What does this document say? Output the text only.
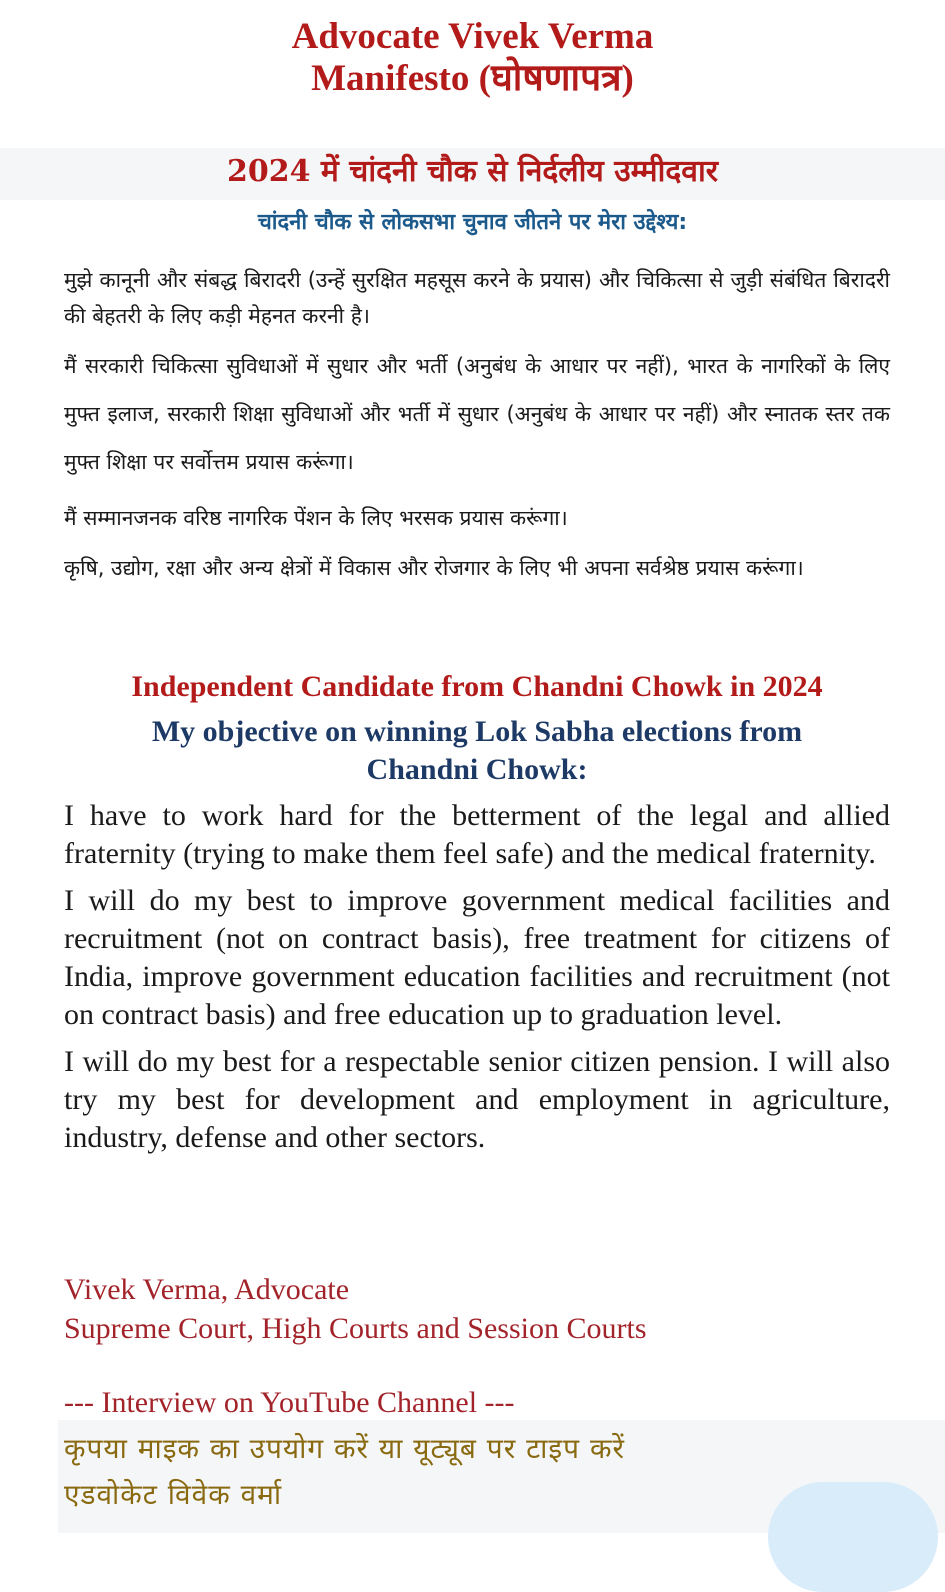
Advocate Vivek Verma
Manifesto (घोषणापत्र)
2024 में चांदनी चौक से निर्दलीय उम्मीदवार
चांदनी चौक से लोकसभा चुनाव जीतने पर मेरा उद्देश्य:

मुझे कानूनी और संबद्ध बिरादरी (उन्हें सुरक्षित महसूस करने के प्रयास) और चिकित्सा से जुड़ी संबंधित बिरादरी की बेहतरी के लिए कड़ी मेहनत करनी है।

मैं सरकारी चिकित्सा सुविधाओं में सुधार और भर्ती (अनुबंध के आधार पर नहीं), भारत के नागरिकों के लिए मुफ्त इलाज, सरकारी शिक्षा सुविधाओं और भर्ती में सुधार (अनुबंध के आधार पर नहीं) और स्नातक स्तर तक मुफ्त शिक्षा पर सर्वोत्तम प्रयास करूंगा।

मैं सम्मानजनक वरिष्ठ नागरिक पेंशन के लिए भरसक प्रयास करूंगा।

कृषि, उद्योग, रक्षा और अन्य क्षेत्रों में विकास और रोजगार के लिए भी अपना सर्वश्रेष्ठ प्रयास करूंगा।

Independent Candidate from Chandni Chowk in 2024
My objective on winning Lok Sabha elections from
Chandni Chowk:

I have to work hard for the betterment of the legal and allied fraternity (trying to make them feel safe) and the medical fraternity.

I will do my best to improve government medical facilities and recruitment (not on contract basis), free treatment for citizens of India, improve government education facilities and recruitment (not on contract basis) and free education up to graduation level.

I will do my best for a respectable senior citizen pension. I will also try my best for development and employment in agriculture, industry, defense and other sectors.

Vivek Verma, Advocate
Supreme Court, High Courts and Session Courts
--- Interview on YouTube Channel ---
कृपया माइक का उपयोग करें या यूट्यूब पर टाइप करें
एडवोकेट विवेक वर्मा
